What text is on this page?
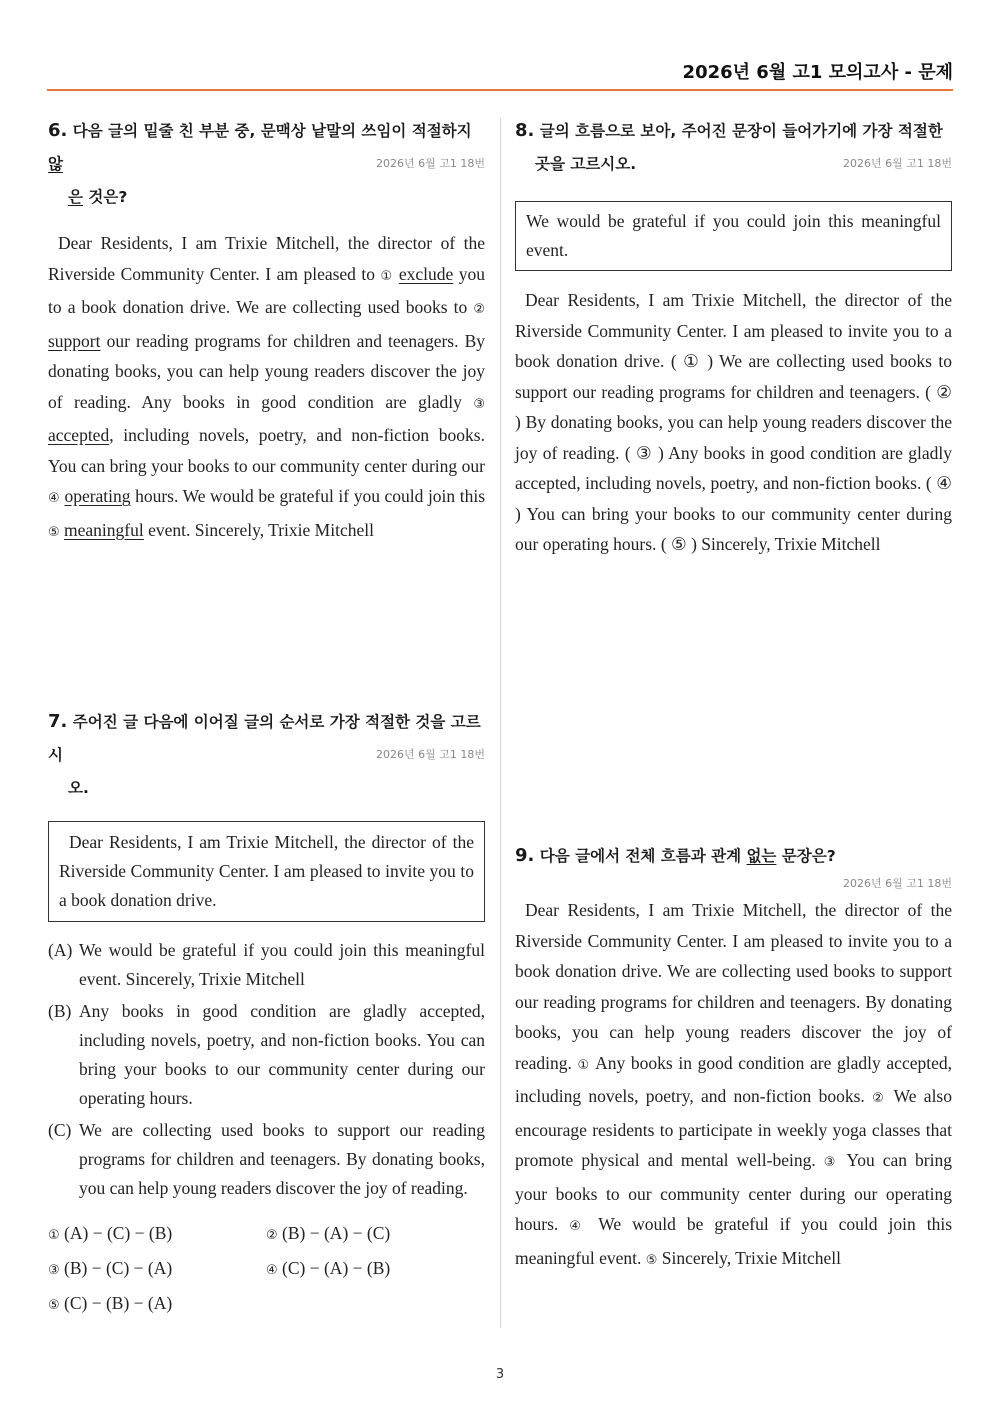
2026년 6월 고1 모의고사 - 문제
6. 다음 글의 밑줄 친 부분 중, 문맥상 낱말의 쓰임이 적절하지 않
은 것은?
2026년 6월 고1 18번
Dear Residents, I am Trixie Mitchell, the director of the Riverside Community Center. I am pleased to ① exclude you to a book donation drive. We are collecting used books to ② support our reading programs for children and teenagers. By donating books, you can help young readers discover the joy of reading. Any books in good condition are gladly ③ accepted, including novels, poetry, and non-fiction books. You can bring your books to our community center during our ④ operating hours. We would be grateful if you could join this ⑤ meaningful event. Sincerely, Trixie Mitchell
7. 주어진 글 다음에 이어질 글의 순서로 가장 적절한 것을 고르시
오.
2026년 6월 고1 18번
Dear Residents, I am Trixie Mitchell, the director of the Riverside Community Center. I am pleased to invite you to a book donation drive.
(A) We would be grateful if you could join this meaningful event. Sincerely, Trixie Mitchell
(B) Any books in good condition are gladly accepted, including novels, poetry, and non-fiction books. You can bring your books to our community center during our operating hours.
(C) We are collecting used books to support our reading programs for children and teenagers. By donating books, you can help young readers discover the joy of reading.
① (A) − (C) − (B)	② (B) − (A) − (C)
③ (B) − (C) − (A)	④ (C) − (A) − (B)
⑤ (C) − (B) − (A)
8. 글의 흐름으로 보아, 주어진 문장이 들어가기에 가장 적절한
곳을 고르시오.	2026년 6월 고1 18번
We would be grateful if you could join this meaningful event.
Dear Residents, I am Trixie Mitchell, the director of the Riverside Community Center. I am pleased to invite you to a book donation drive. ( ① ) We are collecting used books to support our reading programs for children and teenagers. ( ② ) By donating books, you can help young readers discover the joy of reading. ( ③ ) Any books in good condition are gladly accepted, including novels, poetry, and non-fiction books. ( ④ ) You can bring your books to our community center during our operating hours. ( ⑤ ) Sincerely, Trixie Mitchell
9. 다음 글에서 전체 흐름과 관계 없는 문장은?
2026년 6월 고1 18번
Dear Residents, I am Trixie Mitchell, the director of the Riverside Community Center. I am pleased to invite you to a book donation drive. We are collecting used books to support our reading programs for children and teenagers. By donating books, you can help young readers discover the joy of reading. ① Any books in good condition are gladly accepted, including novels, poetry, and non-fiction books. ② We also encourage residents to participate in weekly yoga classes that promote physical and mental well-being. ③ You can bring your books to our community center during our operating hours. ④ We would be grateful if you could join this meaningful event. ⑤ Sincerely, Trixie Mitchell
3
